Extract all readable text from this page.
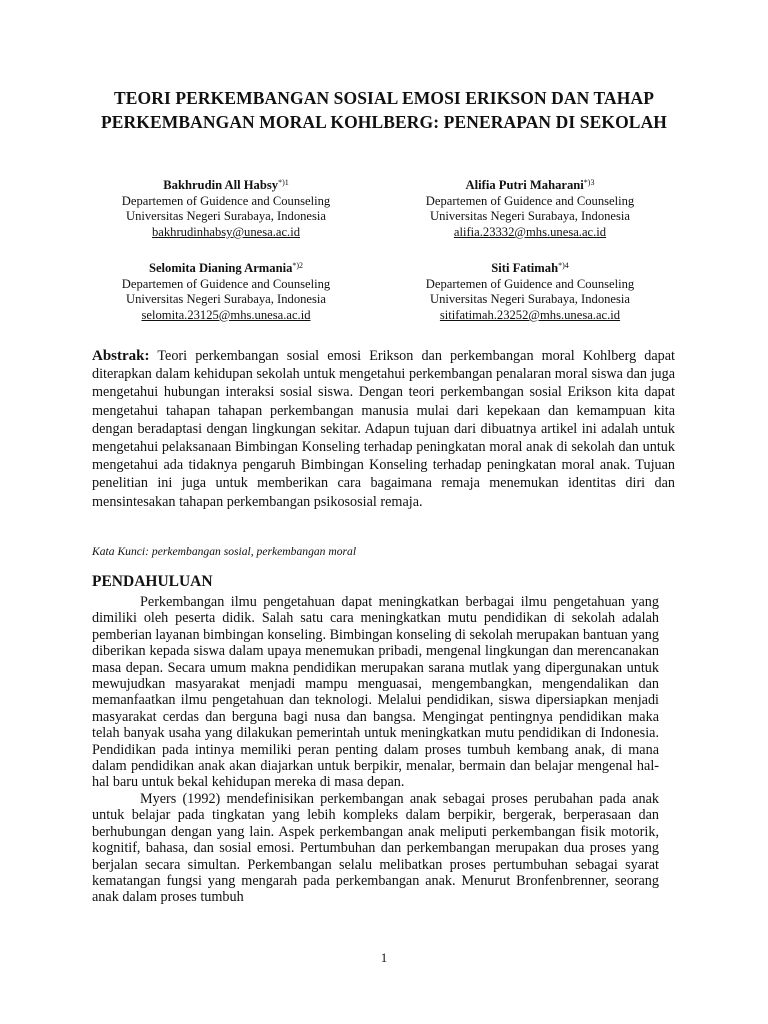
TEORI PERKEMBANGAN SOSIAL EMOSI ERIKSON DAN TAHAP
PERKEMBANGAN MORAL KOHLBERG: PENERAPAN DI SEKOLAH
Bakhrudin All Habsy$^{*)1}$
Departemen of Guidence and Counseling
Universitas Negeri Surabaya, Indonesia
bakhrudinhabsy@unesa.ac.id
Alifia Putri Maharani$^{*)3}$
Departemen of Guidence and Counseling
Universitas Negeri Surabaya, Indonesia
alifia.23332@mhs.unesa.ac.id
Selomita Dianing Armania$^{*)2}$
Departemen of Guidence and Counseling
Universitas Negeri Surabaya, Indonesia
selomita.23125@mhs.unesa.ac.id
Siti Fatimah$^{*)4}$
Departemen of Guidence and Counseling
Universitas Negeri Surabaya, Indonesia
sitifatimah.23252@mhs.unesa.ac.id
Abstrak: Teori perkembangan sosial emosi Erikson dan perkembangan moral Kohlberg dapat diterapkan dalam kehidupan sekolah untuk mengetahui perkembangan penalaran moral siswa dan juga mengetahui hubungan interaksi sosial siswa. Dengan teori perkembangan sosial Erikson kita dapat mengetahui tahapan tahapan perkembangan manusia mulai dari kepekaan dan kemampuan kita dengan beradaptasi dengan lingkungan sekitar. Adapun tujuan dari dibuatnya artikel ini adalah untuk mengetahui pelaksanaan Bimbingan Konseling terhadap peningkatan moral anak di sekolah dan untuk mengetahui ada tidaknya pengaruh Bimbingan Konseling terhadap peningkatan moral anak. Tujuan penelitian ini juga untuk memberikan cara bagaimana remaja menemukan identitas diri dan mensintesakan tahapan perkembangan psikososial remaja.
Kata Kunci: perkembangan sosial, perkembangan moral
PENDAHULUAN

Perkembangan ilmu pengetahuan dapat meningkatkan berbagai ilmu pengetahuan yang dimiliki oleh peserta didik. Salah satu cara meningkatkan mutu pendidikan di sekolah adalah pemberian layanan bimbingan konseling. Bimbingan konseling di sekolah merupakan bantuan yang diberikan kepada siswa dalam upaya menemukan pribadi, mengenal lingkungan dan merencanakan masa depan. Secara umum makna pendidikan merupakan sarana mutlak yang dipergunakan untuk mewujudkan masyarakat menjadi mampu menguasai, mengembangkan, mengendalikan dan memanfaatkan ilmu pengetahuan dan teknologi. Melalui pendidikan, siswa dipersiapkan menjadi masyarakat cerdas dan berguna bagi nusa dan bangsa. Mengingat pentingnya pendidikan maka telah banyak usaha yang dilakukan pemerintah untuk meningkatkan mutu pendidikan di Indonesia. Pendidikan pada intinya memiliki peran penting dalam proses tumbuh kembang anak, di mana dalam pendidikan anak akan diajarkan untuk berpikir, menalar, bermain dan belajar mengenal hal-hal baru untuk bekal kehidupan mereka di masa depan.

Myers (1992) mendefinisikan perkembangan anak sebagai proses perubahan pada anak untuk belajar pada tingkatan yang lebih kompleks dalam berpikir, bergerak, berperasaan dan berhubungan dengan yang lain. Aspek perkembangan anak meliputi perkembangan fisik motorik, kognitif, bahasa, dan sosial emosi. Pertumbuhan dan perkembangan merupakan dua proses yang berjalan secara simultan. Perkembangan selalu melibatkan proses pertumbuhan sebagai syarat kematangan fungsi yang mengarah pada perkembangan anak. Menurut Bronfenbrenner, seorang anak dalam proses tumbuh

1
